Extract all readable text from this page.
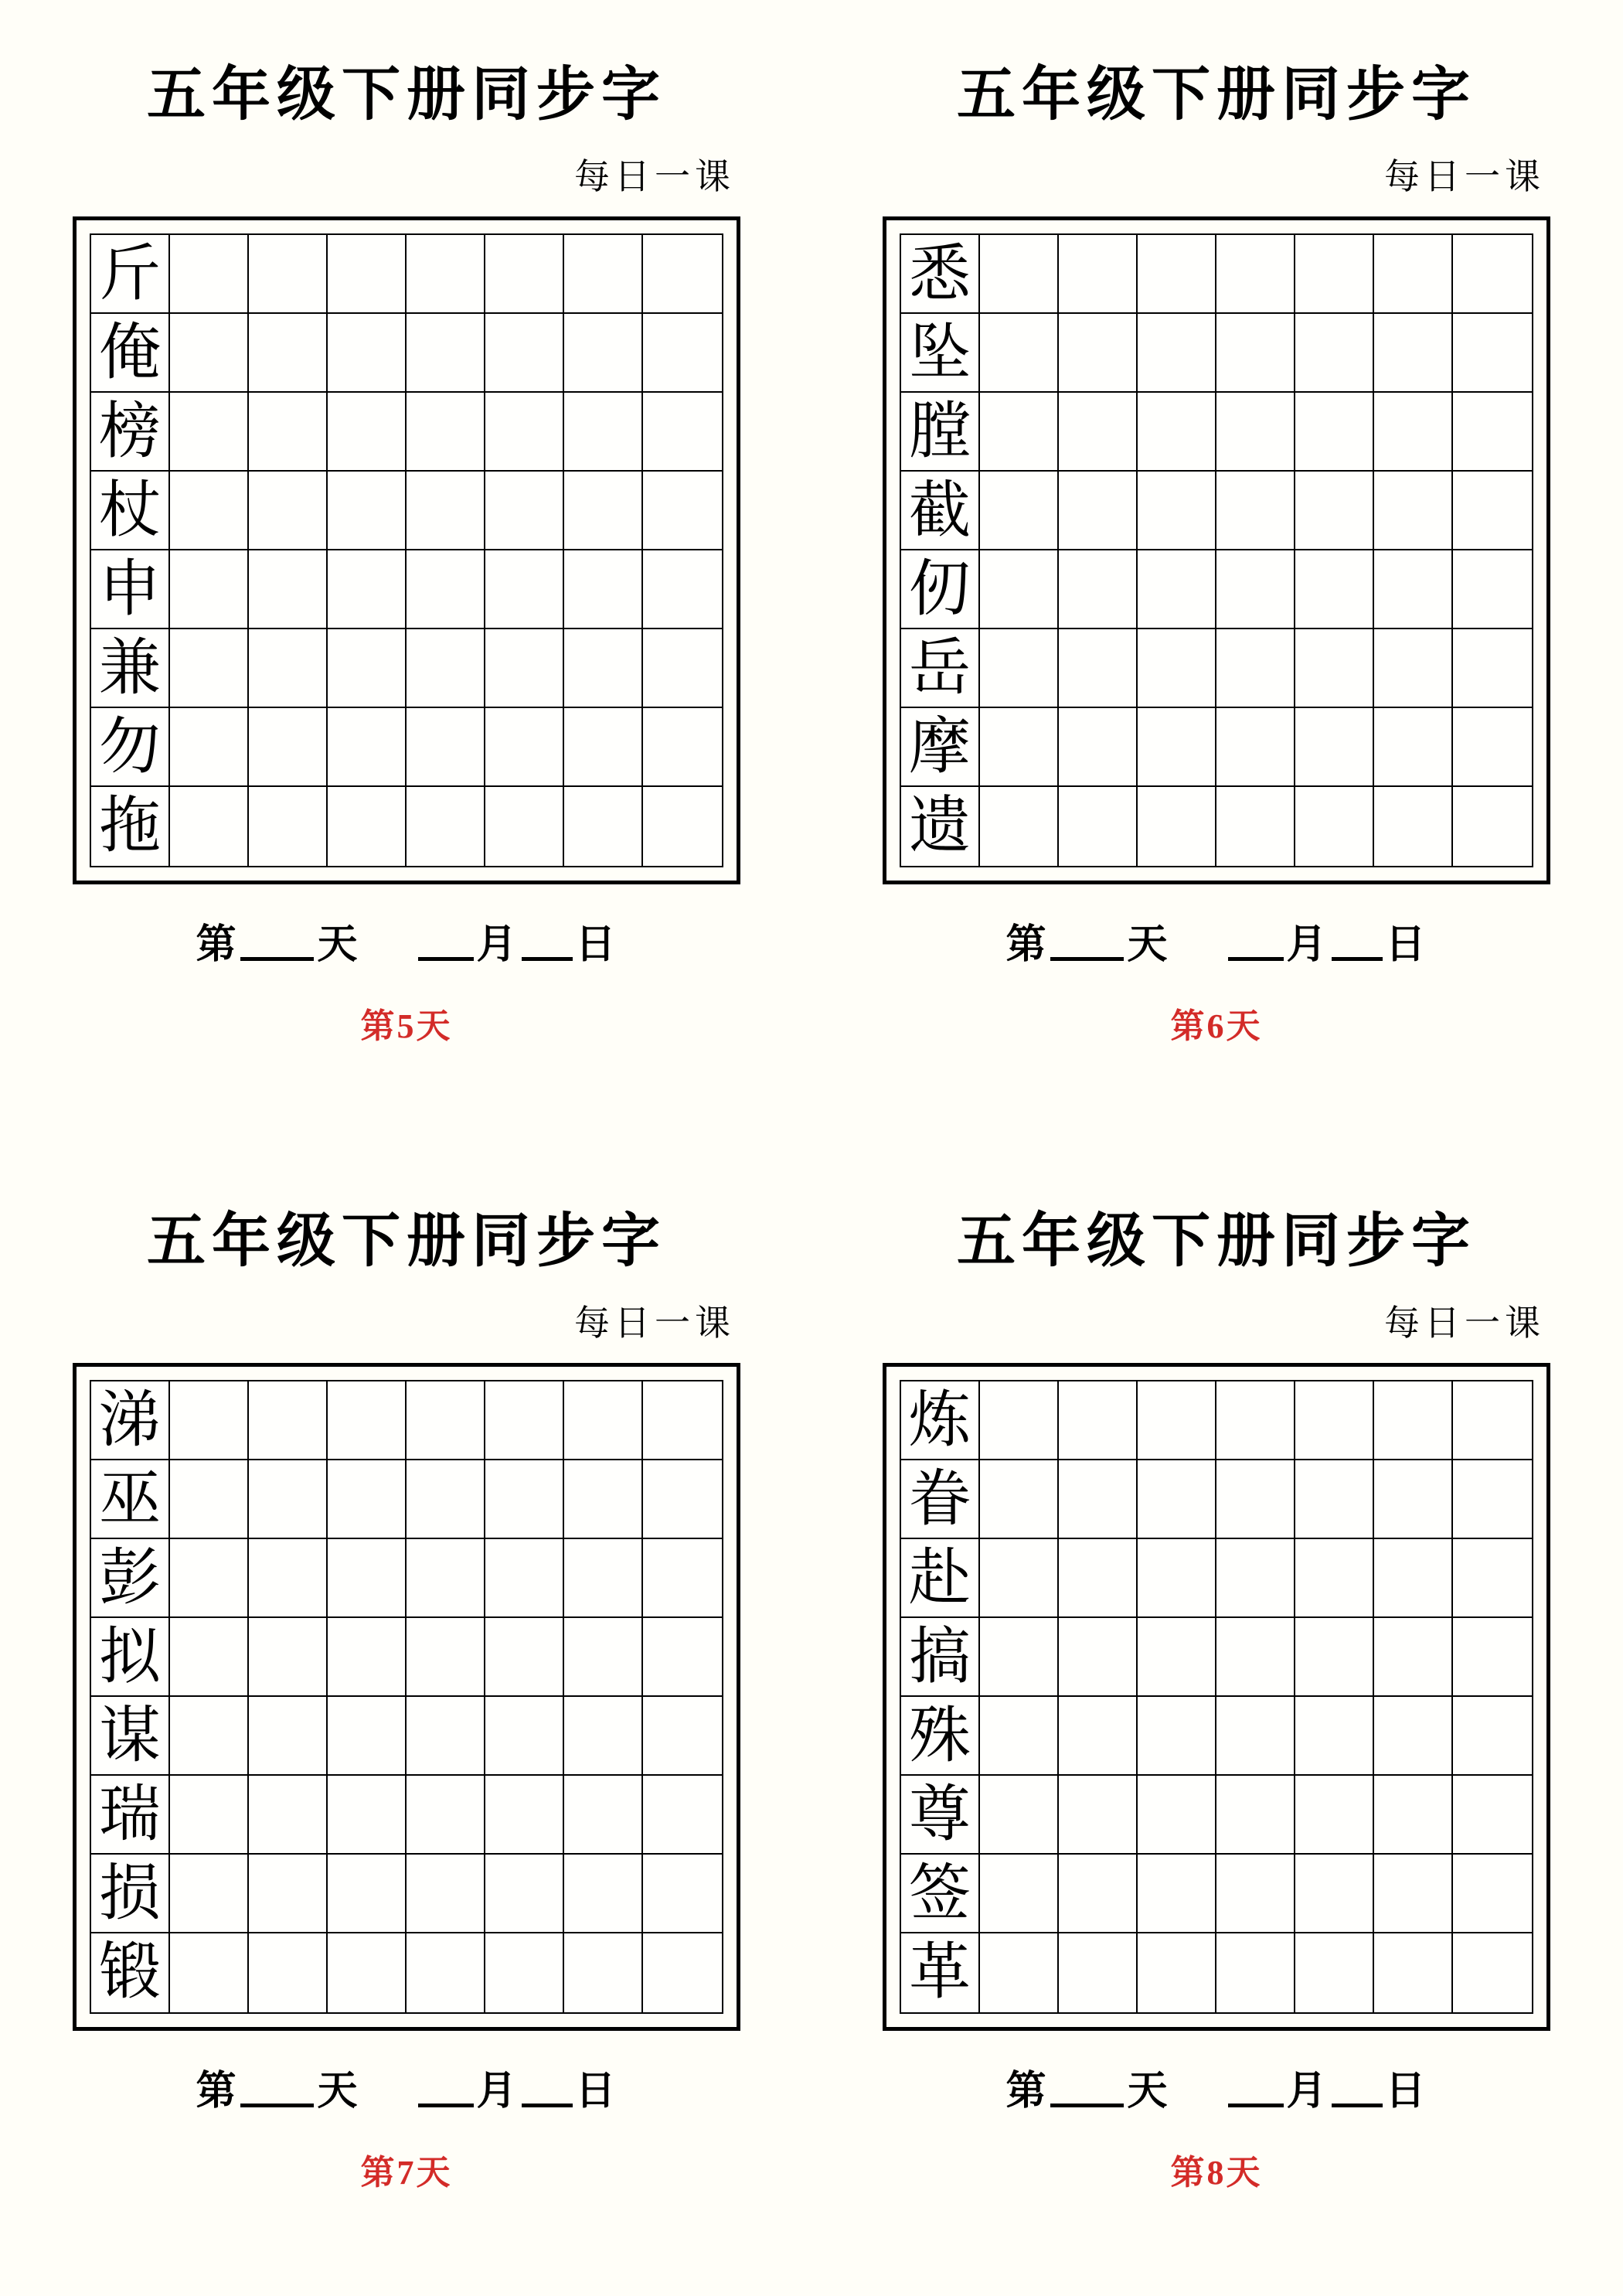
五年级下册同步字
每日一课
斤
俺
榜
杖
申
兼
勿
拖
第 天	月 日
第5天
五年级下册同步字
每日一课
悉
坠
膛
截
仞
岳
摩
遗
第 天	月 日
第6天
五年级下册同步字
每日一课
涕
巫
彭
拟
谋
瑞
损
锻
第 天	月 日
第7天
五年级下册同步字
每日一课
炼
眷
赴
搞
殊
尊
签
革
第 天	月 日
第8天
